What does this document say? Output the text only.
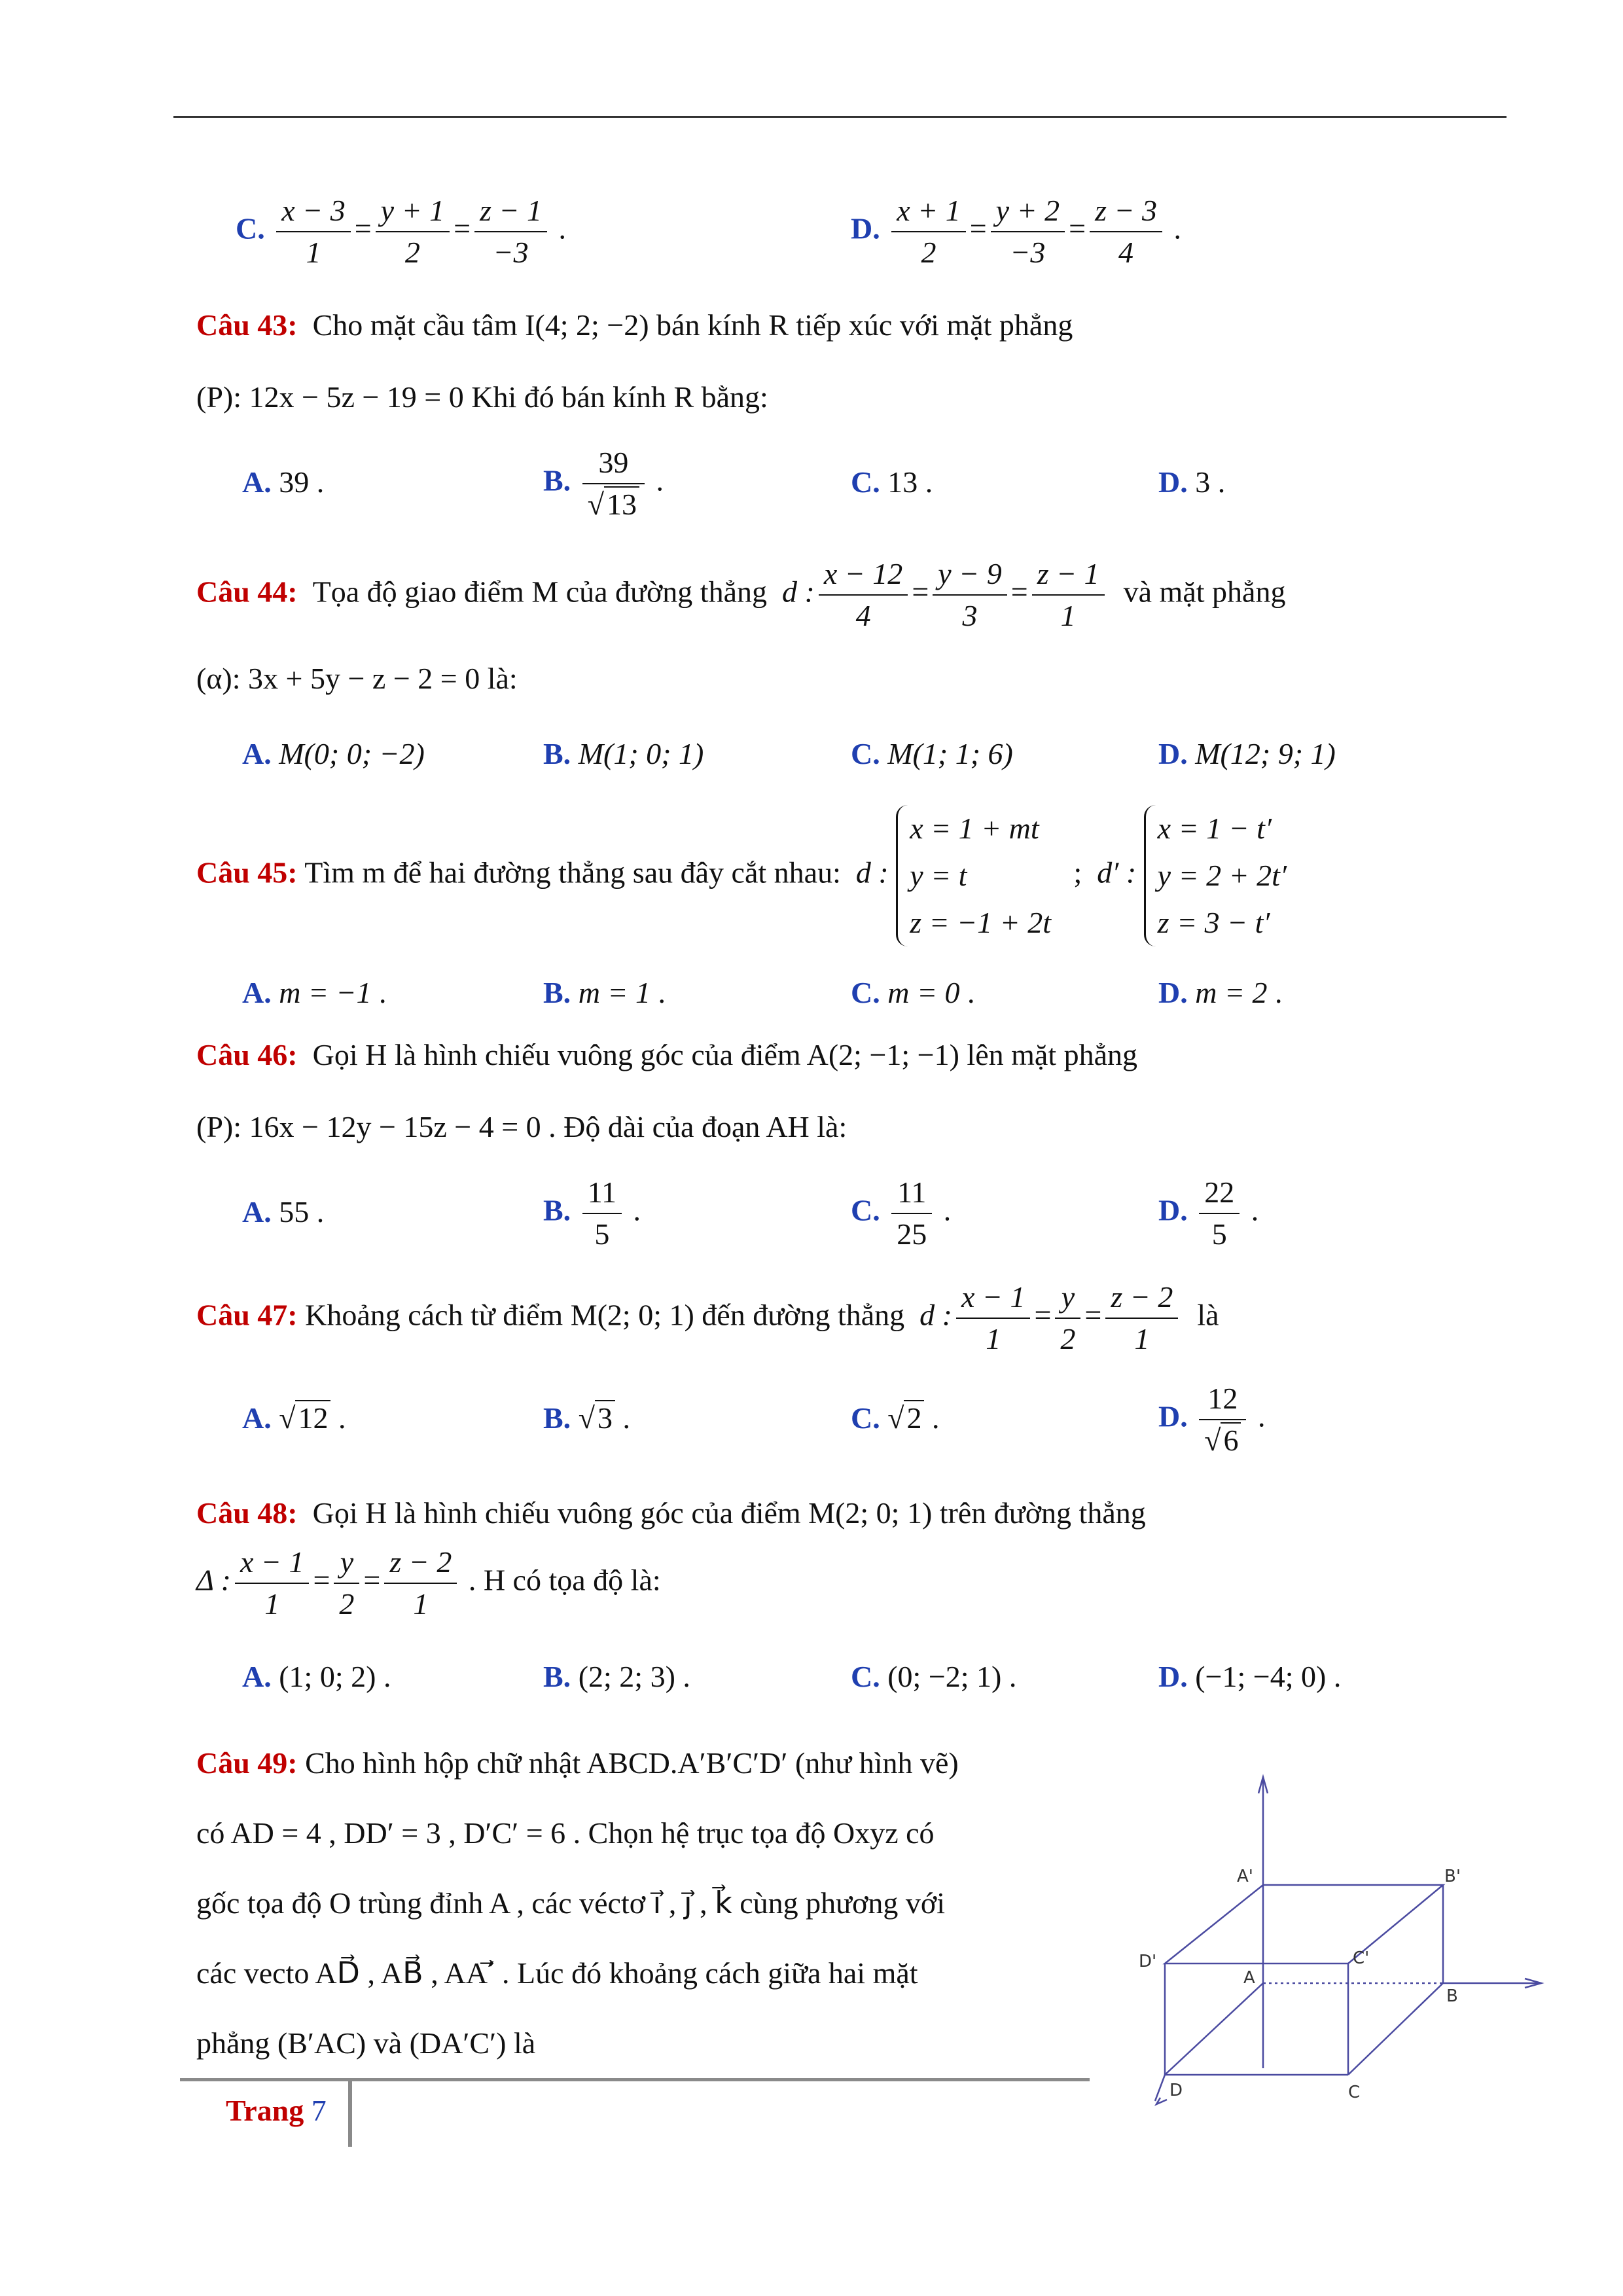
C. $\frac{x - 3}{1} = \frac{y + 1}{2} = \frac{z - 1}{-3}$ .	D. $\frac{x + 1}{2} = \frac{y + 2}{-3} = \frac{z - 3}{4}$ .
Câu 43: Cho mặt cầu tâm I(4; 2; −2) bán kính R tiếp xúc với mặt phẳng
(P): 12x − 5z − 19 = 0 Khi đó bán kính R bằng:
A. 39 .	B. $\frac{39}{√13}$ .	C. 13 .	D. 3 .
Câu 44: Tọa độ giao điểm M của đường thẳng d : $\frac{x - 12}{4} = \frac{y - 9}{3} = \frac{z - 1}{1}$ và mặt phẳng
(α): 3x + 5y − z − 2 = 0 là:
A. M(0; 0; −2)	B. M(1; 0; 1)	C. M(1; 1; 6)	D. M(12; 9; 1)
Câu 45: Tìm m để hai đường thẳng sau đây cắt nhau: d : x = 1 + mt
y = t
z = −1 + 2t   ; d′ : x = 1 − t′
y = 2 + 2t′
z = 3 − t′
A. m = −1 .	B. m = 1 .	C. m = 0 .	D. m = 2 .
Câu 46: Gọi H là hình chiếu vuông góc của điểm A(2; −1; −1) lên mặt phẳng
(P): 16x − 12y − 15z − 4 = 0 . Độ dài của đoạn AH là:
A. 55 .	B. $\frac{11}{5}$ .	C. $\frac{11}{25}$ .	D. $\frac{22}{5}$ .
Câu 47: Khoảng cách từ điểm M(2; 0; 1) đến đường thẳng d : $\frac{x - 1}{1} = \frac{y}{2} = \frac{z - 2}{1}$ là
A. √12 .	B. √3 .	C. √2 .	D. $\frac{12}{√6}$ .
Câu 48: Gọi H là hình chiếu vuông góc của điểm M(2; 0; 1) trên đường thẳng
Δ : $\frac{x - 1}{1} = \frac{y}{2} = \frac{z - 2}{1}$ . H có tọa độ là:
A. (1; 0; 2) .	B. (2; 2; 3) .	C. (0; −2; 1) .	D. (−1; −4; 0) .
Câu 49: Cho hình hộp chữ nhật ABCD.A′B′C′D′ (như hình vẽ)
có AD = 4 , DD′ = 3 , D′C′ = 6 . Chọn hệ trục tọa độ Oxyz có
gốc tọa độ O trùng đỉnh A , các véctơ i⃗ , j⃗ , k⃗ cùng phương với
các vecto AD⃗ , AB⃗ , AA′⃗ . Lúc đó khoảng cách giữa hai mặt
phẳng (B′AC) và (DA′C′) là
A'	B'
D'	C'
A
B
D	C
Trang 7
